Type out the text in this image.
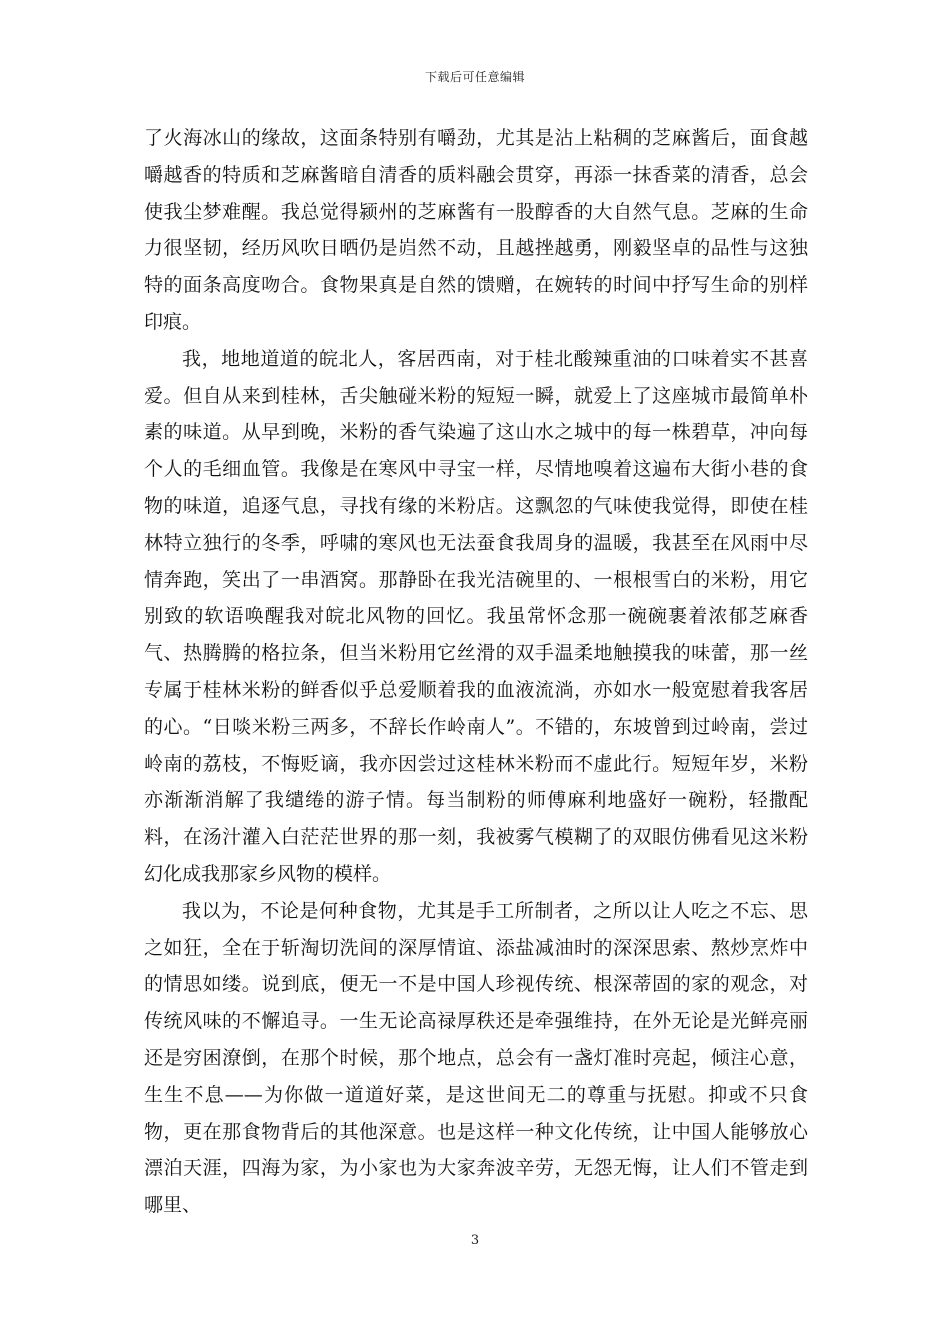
下载后可任意编辑

了火海冰山的缘故，这面条特别有嚼劲，尤其是沾上粘稠的芝麻酱后，面食越嚼越香的特质和芝麻酱暗自清香的质料融会贯穿，再添一抹香菜的清香，总会使我尘梦难醒。我总觉得颍州的芝麻酱有一股醇香的大自然气息。芝麻的生命力很坚韧，经历风吹日晒仍是岿然不动，且越挫越勇，刚毅坚卓的品性与这独特的面条高度吻合。食物果真是自然的馈赠，在婉转的时间中抒写生命的别样印痕。

我，地地道道的皖北人，客居西南，对于桂北酸辣重油的口味着实不甚喜爱。但自从来到桂林，舌尖触碰米粉的短短一瞬，就爱上了这座城市最简单朴素的味道。从早到晚，米粉的香气染遍了这山水之城中的每一株碧草，冲向每个人的毛细血管。我像是在寒风中寻宝一样，尽情地嗅着这遍布大街小巷的食物的味道，追逐气息，寻找有缘的米粉店。这飘忽的气味使我觉得，即使在桂林特立独行的冬季，呼啸的寒风也无法蚕食我周身的温暖，我甚至在风雨中尽情奔跑，笑出了一串酒窝。那静卧在我光洁碗里的、一根根雪白的米粉，用它别致的软语唤醒我对皖北风物的回忆。我虽常怀念那一碗碗裹着浓郁芝麻香气、热腾腾的格拉条，但当米粉用它丝滑的双手温柔地触摸我的味蕾，那一丝专属于桂林米粉的鲜香似乎总爱顺着我的血液流淌，亦如水一般宽慰着我客居的心。“日啖米粉三两多，不辞长作岭南人”。不错的，东坡曾到过岭南，尝过岭南的荔枝，不悔贬谪，我亦因尝过这桂林米粉而不虚此行。短短年岁，米粉亦渐渐消解了我缱绻的游子情。每当制粉的师傅麻利地盛好一碗粉，轻撒配料，在汤汁灌入白茫茫世界的那一刻，我被雾气模糊了的双眼仿佛看见这米粉幻化成我那家乡风物的模样。

我以为，不论是何种食物，尤其是手工所制者，之所以让人吃之不忘、思之如狂，全在于斩淘切洗间的深厚情谊、添盐减油时的深深思索、熬炒烹炸中的情思如缕。说到底，便无一不是中国人珍视传统、根深蒂固的家的观念，对传统风味的不懈追寻。一生无论高禄厚秩还是牵强维持，在外无论是光鲜亮丽还是穷困潦倒，在那个时候，那个地点，总会有一盏灯准时亮起，倾注心意，生生不息——为你做一道道好菜，是这世间无二的尊重与抚慰。抑或不只食物，更在那食物背后的其他深意。也是这样一种文化传统，让中国人能够放心漂泊天涯，四海为家，为小家也为大家奔波辛劳，无怨无悔，让人们不管走到哪里、

3
